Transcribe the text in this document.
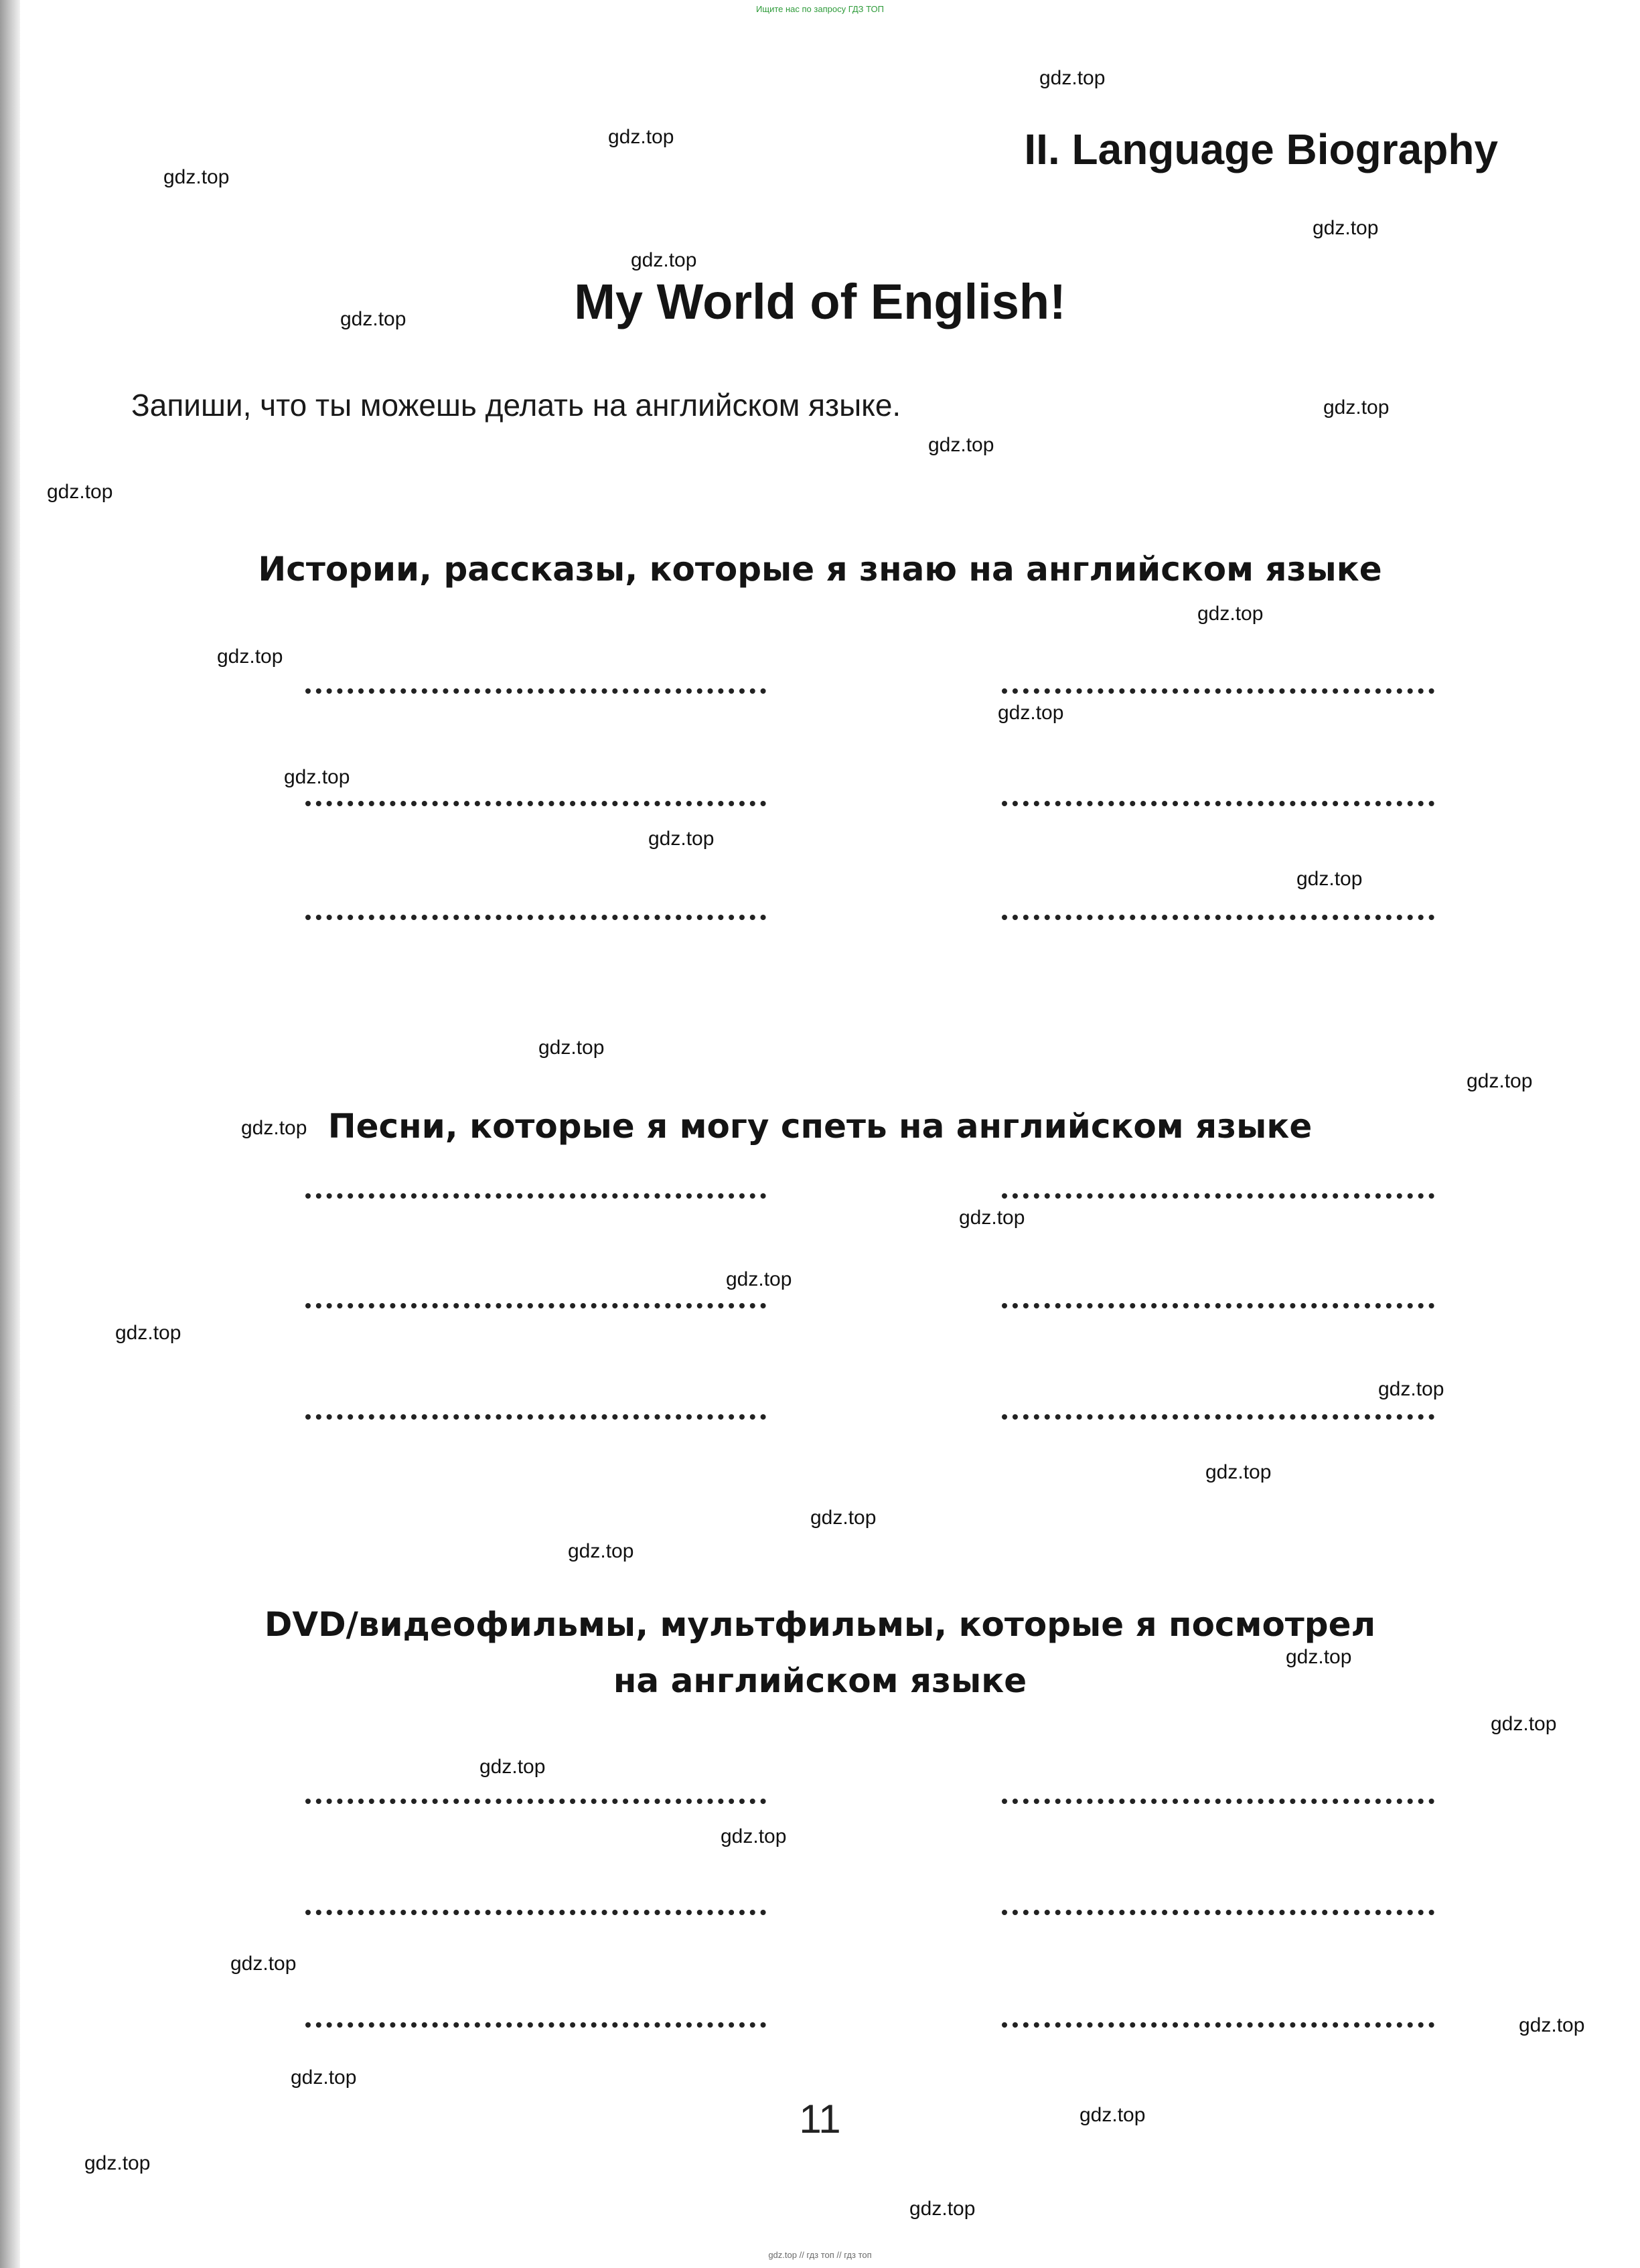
Ищите нас по запросу ГДЗ ТОП
II. Language Biography
My World of English!
Запиши, что ты можешь делать на английском языке.
Истории, рассказы, которые я знаю на английском языке
Песни, которые я могу спеть на английском языке
DVD/видеофильмы, мультфильмы, которые я посмотрел
на английском языке
11
gdz.top
gdz.top
gdz.top
gdz.top
gdz.top
gdz.top
gdz.top
gdz.top
gdz.top
gdz.top
gdz.top
gdz.top
gdz.top
gdz.top
gdz.top
gdz.top
gdz.top
gdz.top
gdz.top
gdz.top
gdz.top
gdz.top
gdz.top
gdz.top
gdz.top
gdz.top
gdz.top
gdz.top
gdz.top
gdz.top
gdz.top
gdz.top
gdz.top
gdz.top
gdz.top
gdz.top // гдз топ // гдз топ
